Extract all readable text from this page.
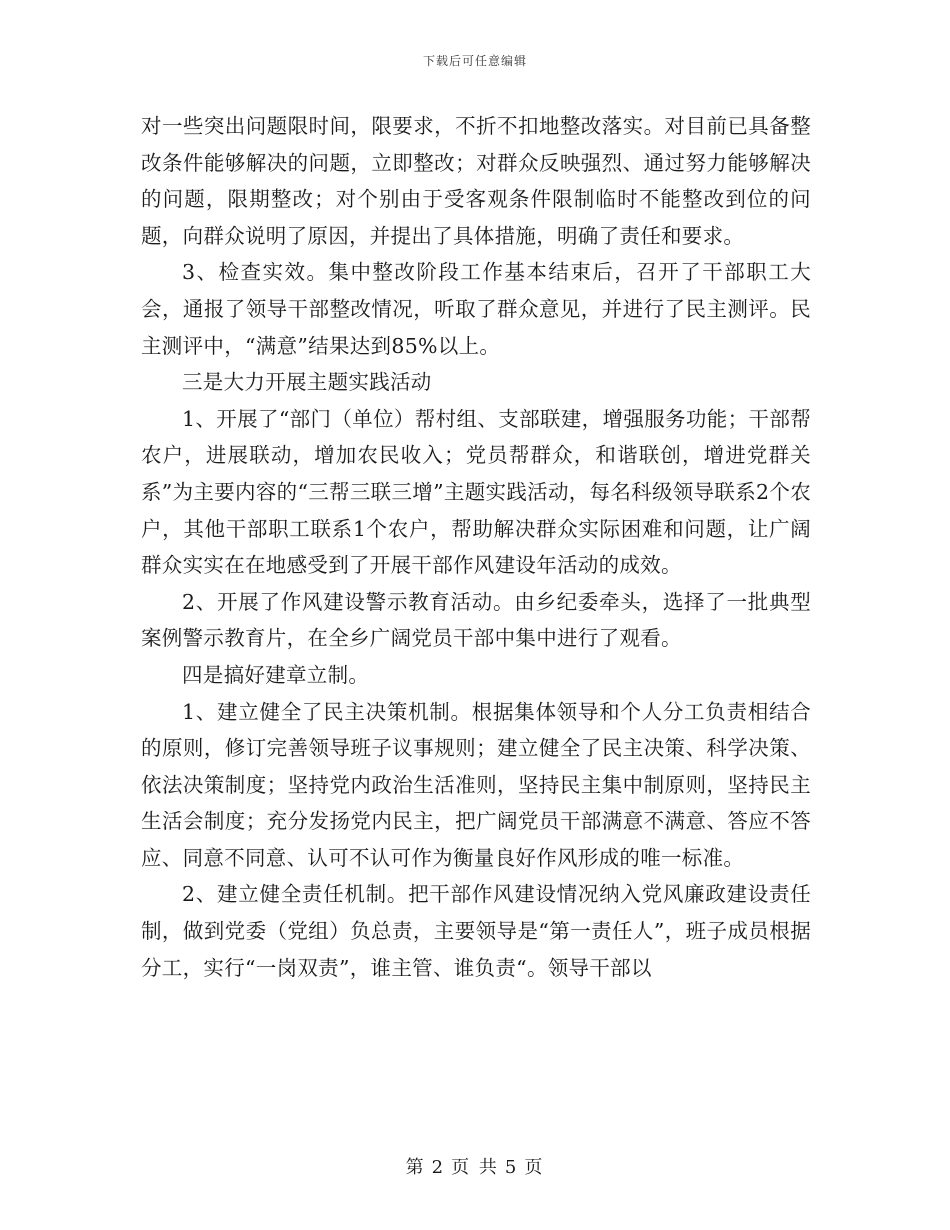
下载后可任意编辑

对一些突出问题限时间，限要求，不折不扣地整改落实。对目前已具备整改条件能够解决的问题，立即整改；对群众反映强烈、通过努力能够解决的问题，限期整改；对个别由于受客观条件限制临时不能整改到位的问题，向群众说明了原因，并提出了具体措施，明确了责任和要求。

3、检查实效。集中整改阶段工作基本结束后，召开了干部职工大会，通报了领导干部整改情况，听取了群众意见，并进行了民主测评。民主测评中，“满意”结果达到85%以上。

三是大力开展主题实践活动

1、开展了“部门（单位）帮村组、支部联建，增强服务功能；干部帮农户，进展联动，增加农民收入；党员帮群众，和谐联创，增进党群关系”为主要内容的“三帮三联三增”主题实践活动，每名科级领导联系2个农户，其他干部职工联系1个农户，帮助解决群众实际困难和问题，让广阔群众实实在在地感受到了开展干部作风建设年活动的成效。

2、开展了作风建设警示教育活动。由乡纪委牵头，选择了一批典型案例警示教育片，在全乡广阔党员干部中集中进行了观看。

四是搞好建章立制。

1、建立健全了民主决策机制。根据集体领导和个人分工负责相结合的原则，修订完善领导班子议事规则；建立健全了民主决策、科学决策、依法决策制度；坚持党内政治生活准则，坚持民主集中制原则，坚持民主生活会制度；充分发扬党内民主，把广阔党员干部满意不满意、答应不答应、同意不同意、认可不认可作为衡量良好作风形成的唯一标准。

2、建立健全责任机制。把干部作风建设情况纳入党风廉政建设责任制，做到党委（党组）负总责，主要领导是“第一责任人”，班子成员根据分工，实行“一岗双责”，谁主管、谁负责“。领导干部以

第 2 页 共 5 页
